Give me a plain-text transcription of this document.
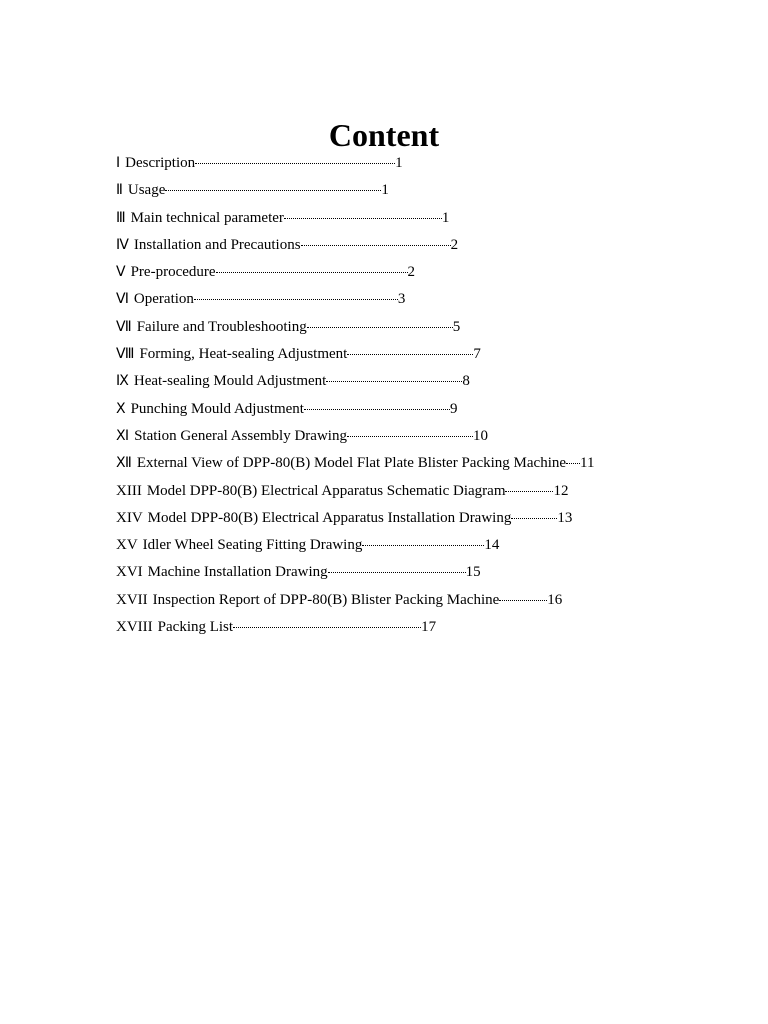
Content
Ⅰ Description	1
Ⅱ Usage	1
Ⅲ Main technical parameter	1
Ⅳ Installation and Precautions	2
Ⅴ Pre-procedure	2
Ⅵ Operation	3
Ⅶ Failure and Troubleshooting	5
Ⅷ Forming, Heat-sealing Adjustment	7
Ⅸ Heat-sealing Mould Adjustment	8
Ⅹ Punching Mould Adjustment	9
Ⅺ Station General Assembly Drawing	10
Ⅻ External View of DPP-80(B) Model Flat Plate Blister Packing Machine 11
XIII Model DPP-80(B) Electrical Apparatus Schematic Diagram	12
XIV Model DPP-80(B) Electrical Apparatus Installation Drawing	13
XV Idler Wheel Seating Fitting Drawing	14
XVI Machine Installation Drawing	15
XVII Inspection Report of DPP-80(B) Blister Packing Machine	16
XVIII Packing List	17
